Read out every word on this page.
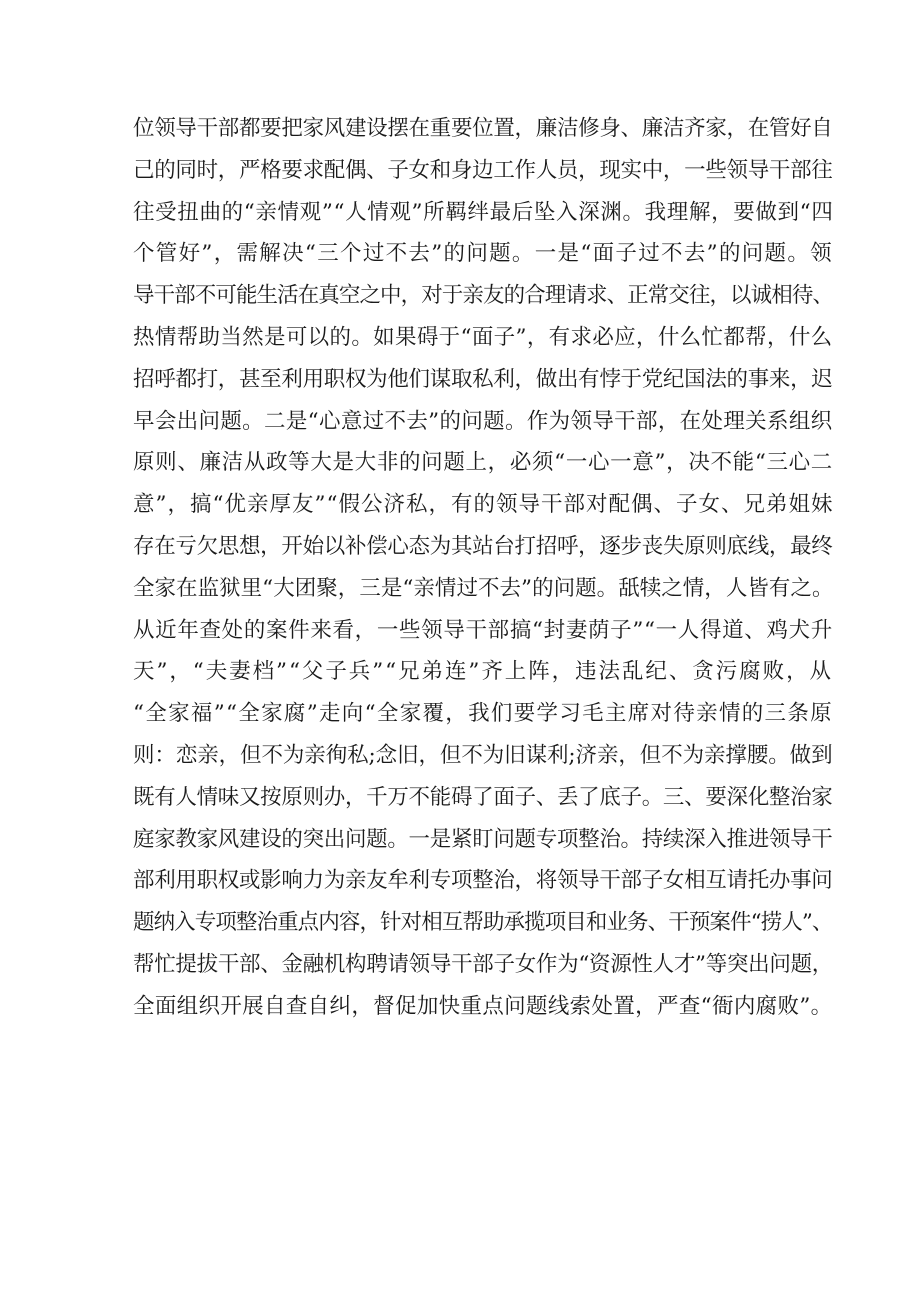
位领导干部都要把家风建设摆在重要位置，廉洁修身、廉洁齐家，在管好自
己的同时，严格要求配偶、子女和身边工作人员，现实中，一些领导干部往
往受扭曲的“亲情观”“人情观”所羁绊最后坠入深渊。我理解，要做到“四
个管好”，需解决“三个过不去”的问题。一是“面子过不去”的问题。领
导干部不可能生活在真空之中，对于亲友的合理请求、正常交往，以诚相待、
热情帮助当然是可以的。如果碍于“面子”，有求必应，什么忙都帮，什么
招呼都打，甚至利用职权为他们谋取私利，做出有悖于党纪国法的事来，迟
早会出问题。二是“心意过不去”的问题。作为领导干部，在处理关系组织
原则、廉洁从政等大是大非的问题上，必须“一心一意”，决不能“三心二
意”，搞“优亲厚友”“假公济私，有的领导干部对配偶、子女、兄弟姐妹
存在亏欠思想，开始以补偿心态为其站台打招呼，逐步丧失原则底线，最终
全家在监狱里“大团聚，三是“亲情过不去”的问题。舐犊之情，人皆有之。
从近年查处的案件来看，一些领导干部搞“封妻荫子”“一人得道、鸡犬升
天”，“夫妻档”“父子兵”“兄弟连”齐上阵，违法乱纪、贪污腐败，从
“全家福”“全家腐”走向“全家覆，我们要学习毛主席对待亲情的三条原
则：恋亲，但不为亲徇私;念旧，但不为旧谋利;济亲，但不为亲撑腰。做到
既有人情味又按原则办，千万不能碍了面子、丢了底子。三、要深化整治家
庭家教家风建设的突出问题。一是紧盯问题专项整治。持续深入推进领导干
部利用职权或影响力为亲友牟利专项整治，将领导干部子女相互请托办事问
题纳入专项整治重点内容，针对相互帮助承揽项目和业务、干预案件“捞人”、
帮忙提拔干部、金融机构聘请领导干部子女作为“资源性人才”等突出问题，
全面组织开展自查自纠，督促加快重点问题线索处置，严查“衙内腐败”。
